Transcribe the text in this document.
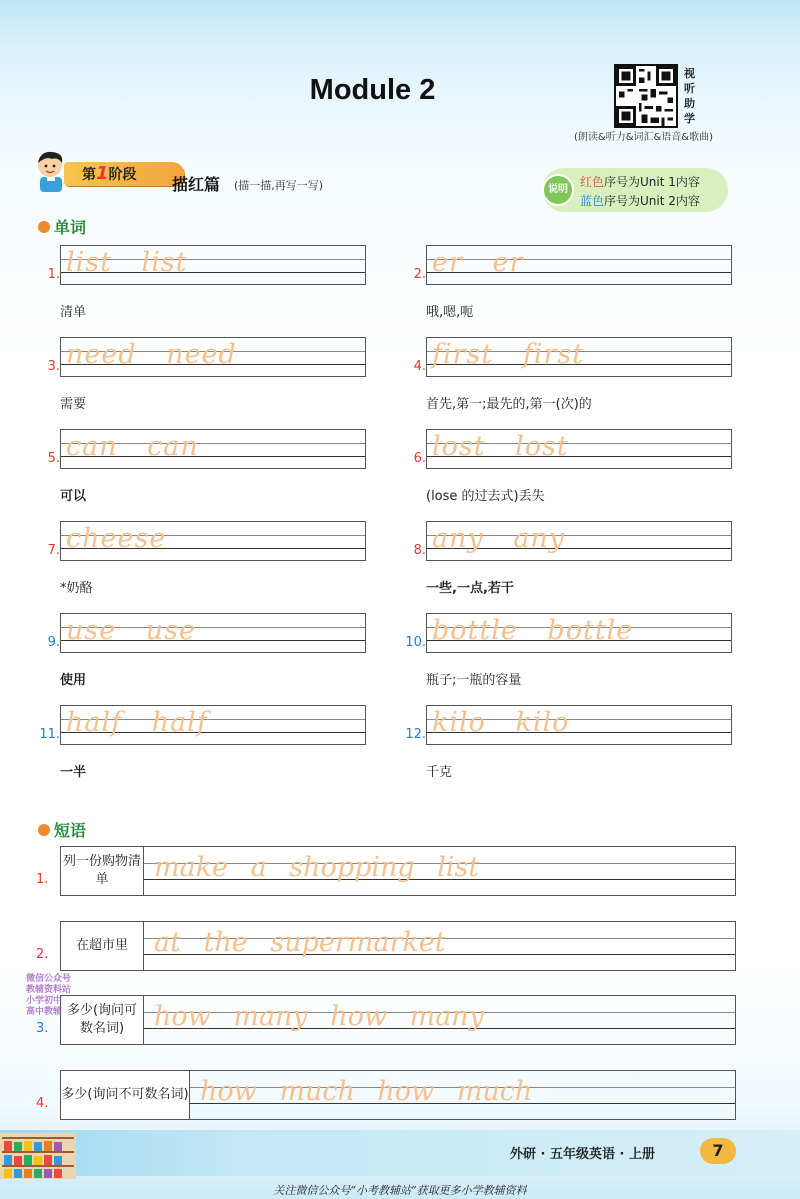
Module 2
视
听
助
学
(朗读&听力&词汇&语音&歌曲)
第1阶段	描红篇 (描一描,再写一写)	说明
红色序号为Unit 1内容
蓝色序号为Unit 2内容
单词
1. list list
清单
2. er er
哦,嗯,呃
3. need need
需要
4. first first
首先,第一;最先的,第一(次)的
5. can can
可以
6. lost lost
(lose 的过去式)丢失
7. cheese
*奶酪
8. any any
一些,一点,若干
9. use use
使用
10. bottle bottle
瓶子;一瓶的容量
11. half half
一半
12. kilo kilo
千克
短语
1.
列一份购物清单	make a shopping list
2.
在超市里 at the supermarket
3.
多少(询问可数名词)	how many how many
4.
多少(询问不可数名词) how much how much
微信公众号
教辅资料站
小学初中
高中教辅
外研 · 五年级英语 · 上册	7
关注微信公众号“小考教辅站”获取更多小学教辅资料
